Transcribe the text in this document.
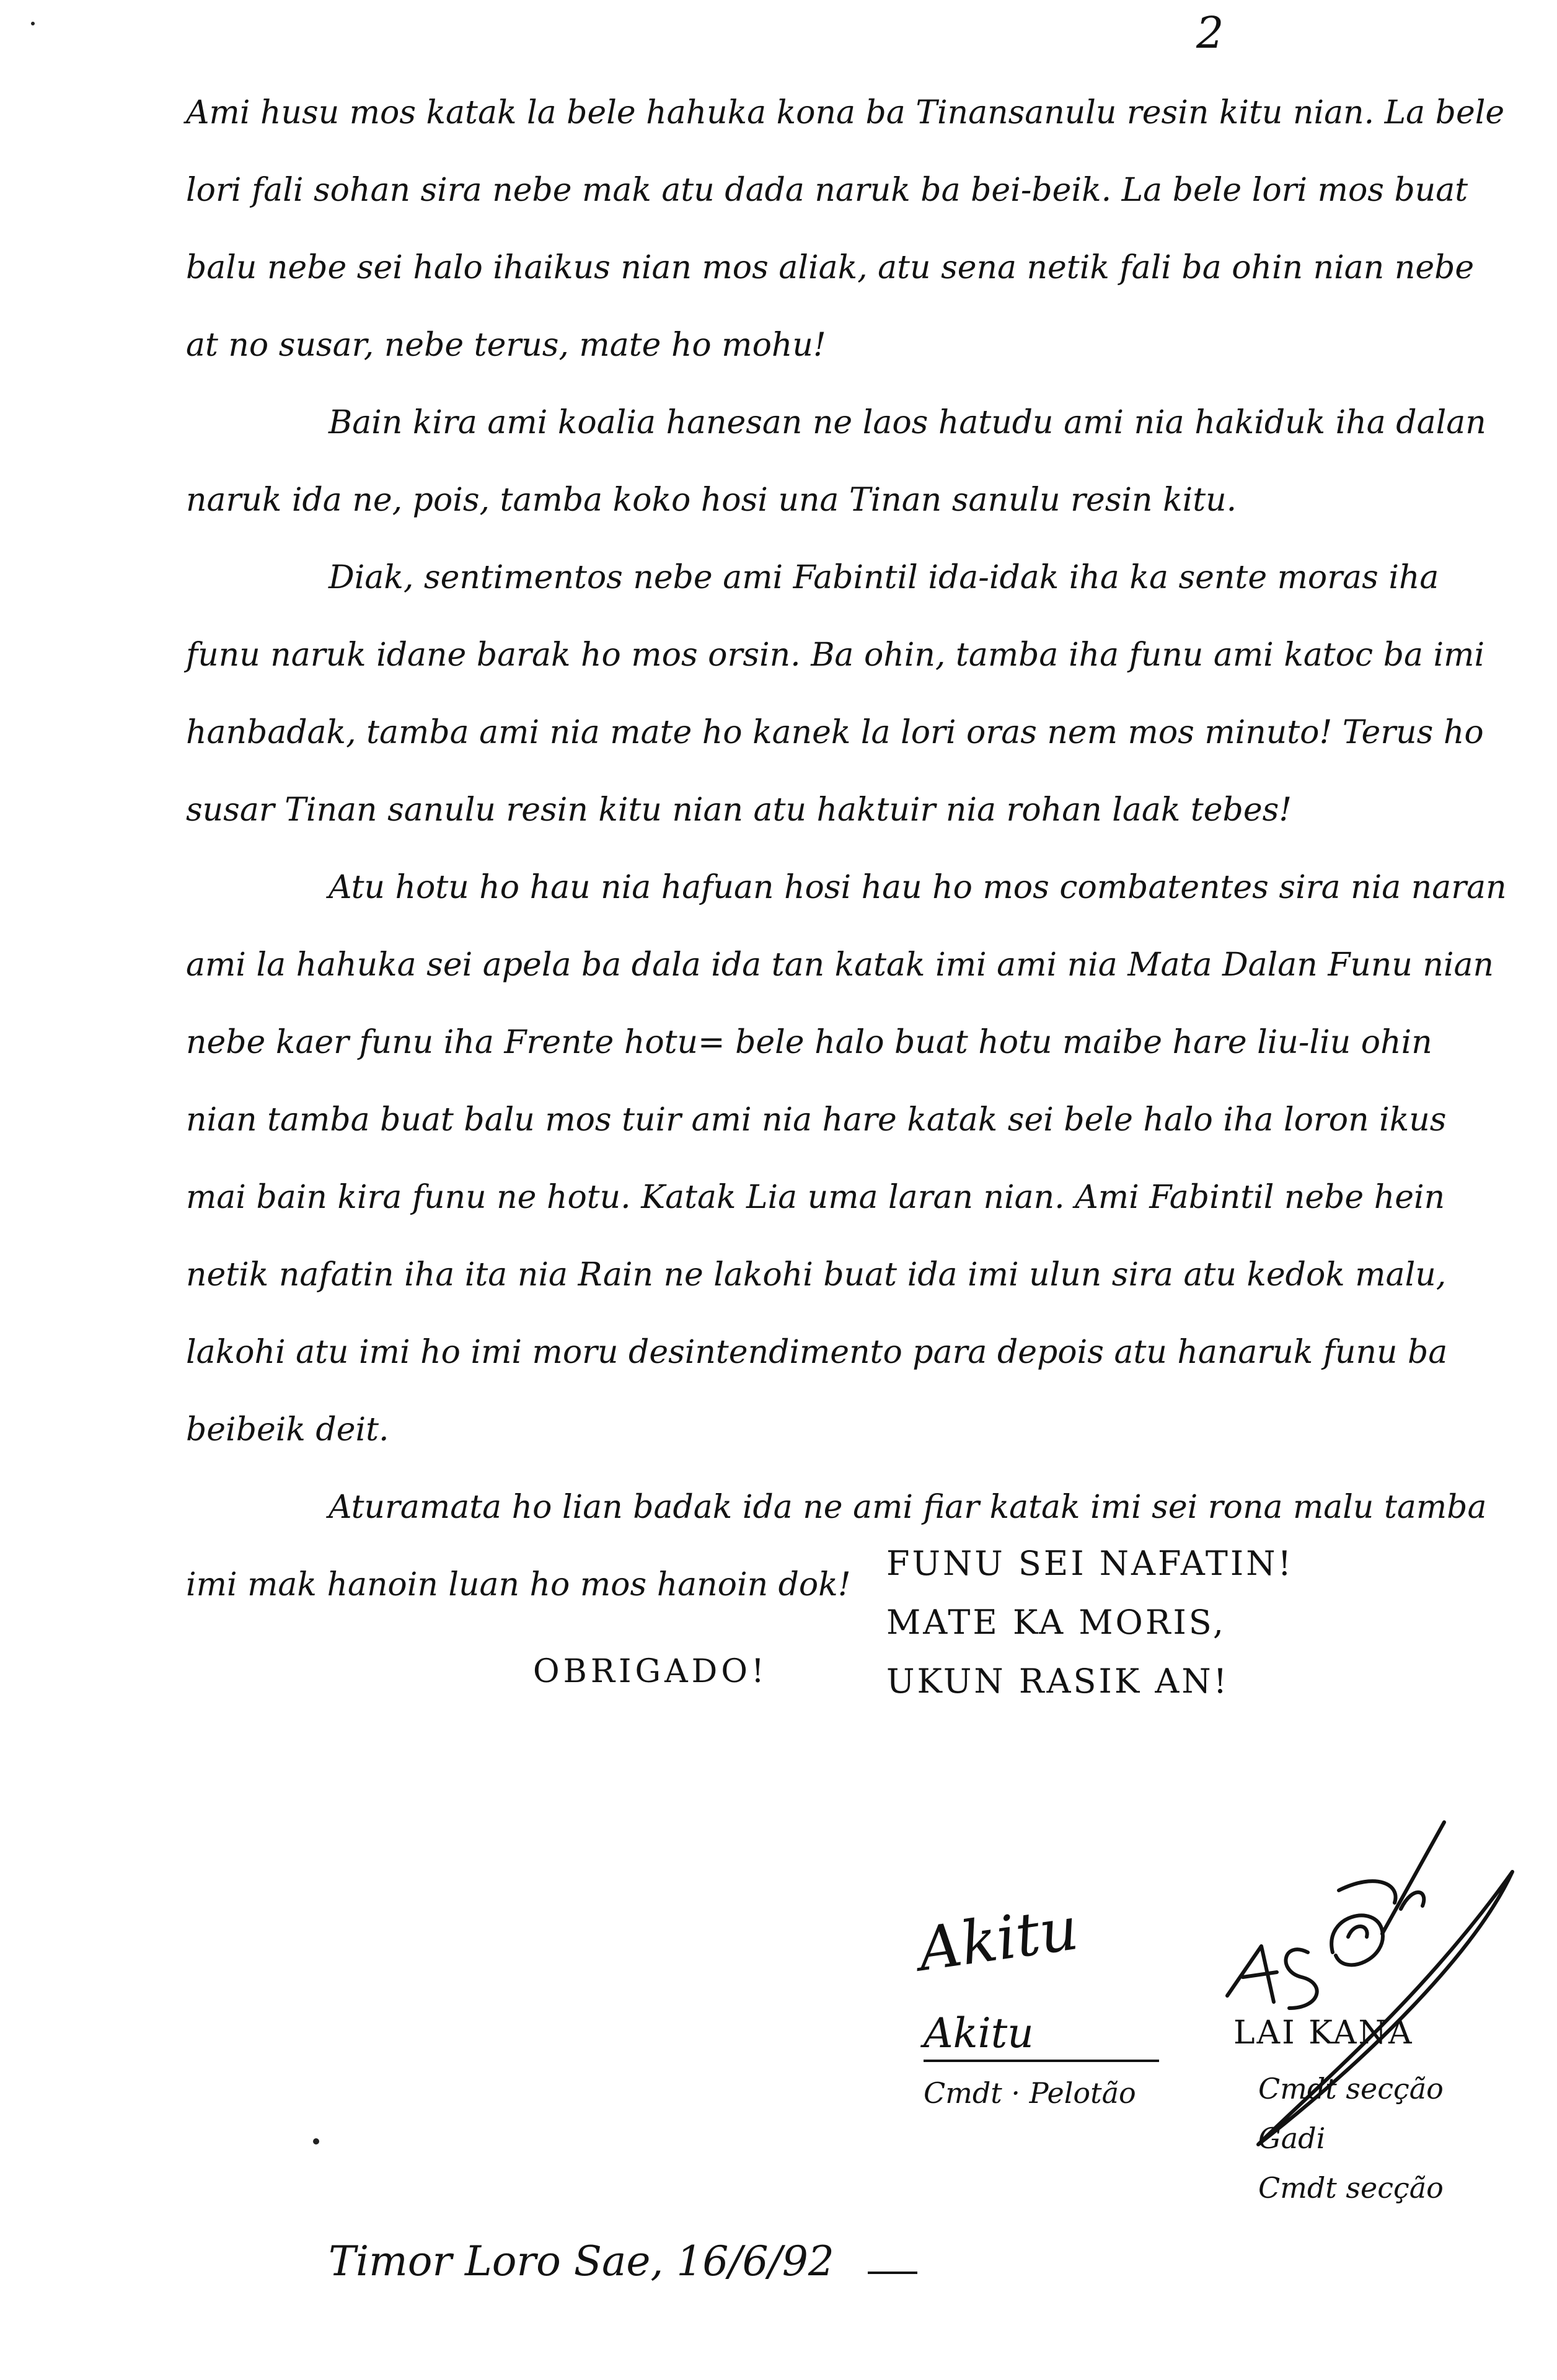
2

Ami husu mos katak la bele hahuka kona ba Tinansanulu resin kitu nian. La bele lori fali sohan sira nebe mak atu dada naruk ba bei-beik. La bele lori mos buat balu nebe sei halo ihaikus nian mos aliak, atu sena netik fali ba ohin nian nebe at no susar, nebe terus, mate ho mohu!

Bain kira ami koalia hanesan ne laos hatudu ami nia hakiduk iha dalan naruk ida ne, pois, tamba koko hosi una Tinan sanulu resin kitu.

Diak, sentimentos nebe ami Fabintil ida-idak iha ka sente moras iha funu naruk idane barak ho mos orsin. Ba ohin, tamba iha funu ami katoc ba imi hanbadak, tamba ami nia mate ho kanek la lori oras nem mos minuto! Terus ho susar Tinan sanulu resin kitu nian atu haktuir nia rohan laak tebes!

Atu hotu ho hau nia hafuan hosi hau ho mos combatentes sira nia naran ami la hahuka sei apela ba dala ida tan katak imi ami nia Mata Dalan Funu nian nebe kaer funu iha Frente hotu= bele halo buat hotu maibe hare liu-liu ohin nian tamba buat balu mos tuir ami nia hare katak sei bele halo iha loron ikus mai bain kira funu ne hotu. Katak Lia uma laran nian. Ami Fabintil nebe hein netik nafatin iha ita nia Rain ne lakohi buat ida imi ulun sira atu kedok malu, lakohi atu imi ho imi moru desintendimento para depois atu hanaruk funu ba beibeik deit.

Aturamata ho lian badak ida ne ami fiar katak imi sei rona malu tamba imi mak hanoin luan ho mos hanoin dok!

OBRIGADO!

FUNU SEI NAFATIN!
MATE KA MORIS,
UKUN RASIK AN!
Akitu
Akitu
Cmdt · Pelotão
LAI KANA
Cmdt secção
Gadi
Cmdt secção
Timor Loro Sae, 16/6/92
